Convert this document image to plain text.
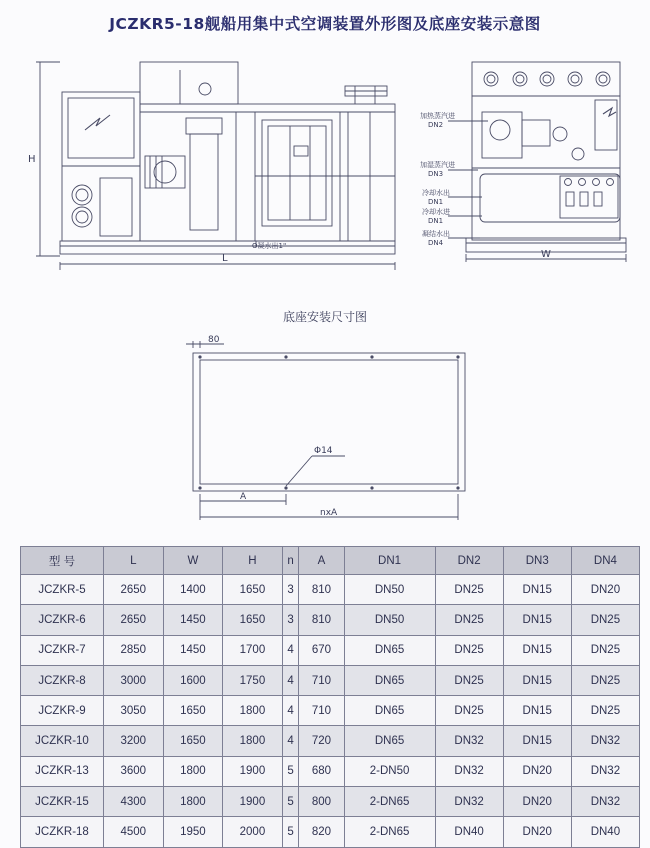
JCZKR5-18舰船用集中式空调装置外形图及底座安装示意图
H
L
O凝水出1"
加热蒸汽进
DN2
加湿蒸汽进
DN3
冷却水出
DN1
冷却水进
DN1
凝结水出
DN4
W
80
Φ14
A
nxA
底座安装尺寸图
型 号	L	W	H	n	A	DN1	DN2	DN3	DN4
JCZKR-5	2650	1400	1650	3	810	DN50	DN25	DN15	DN20
JCZKR-6	2650	1450	1650	3	810	DN50	DN25	DN15	DN25
JCZKR-7	2850	1450	1700	4	670	DN65	DN25	DN15	DN25
JCZKR-8	3000	1600	1750	4	710	DN65	DN25	DN15	DN25
JCZKR-9	3050	1650	1800	4	710	DN65	DN25	DN15	DN25
JCZKR-10	3200	1650	1800	4	720	DN65	DN32	DN15	DN32
JCZKR-13	3600	1800	1900	5	680	2-DN50	DN32	DN20	DN32
JCZKR-15	4300	1800	1900	5	800	2-DN65	DN32	DN20	DN32
JCZKR-18	4500	1950	2000	5	820	2-DN65	DN40	DN20	DN40
